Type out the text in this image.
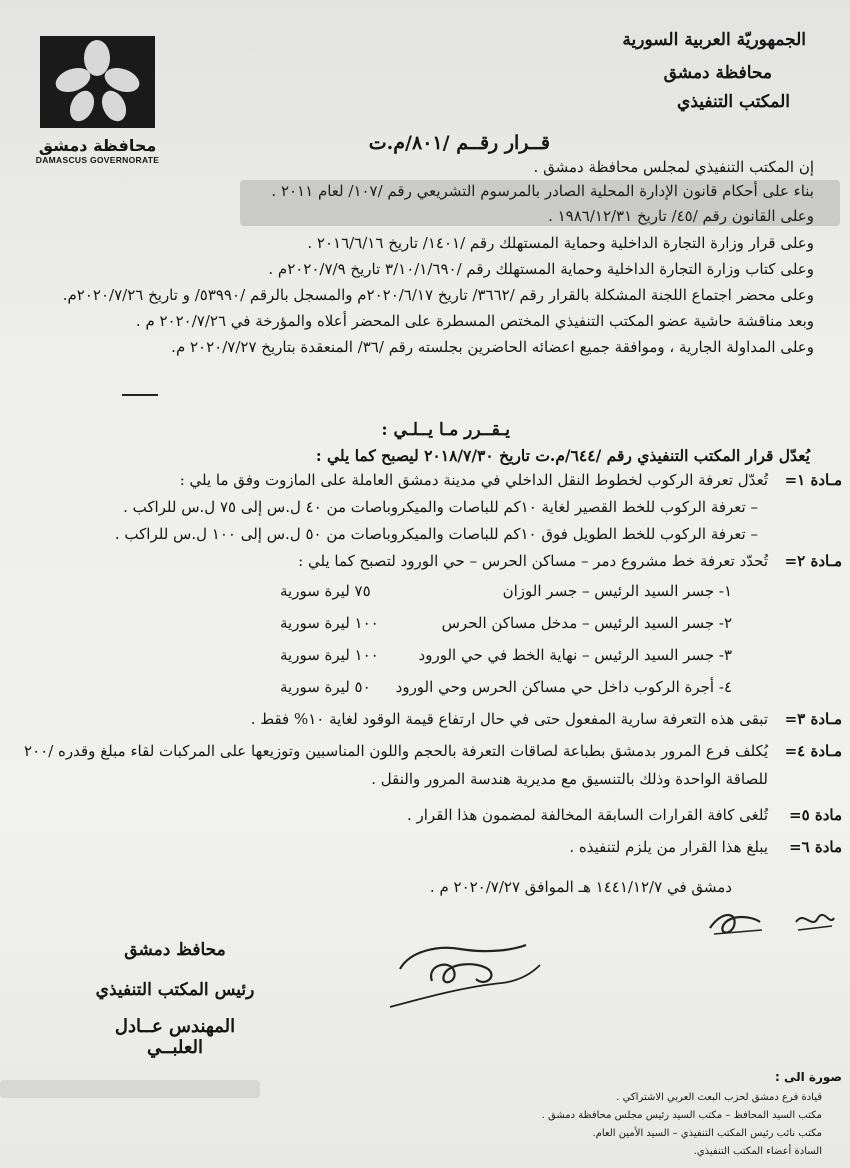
الجمهوريّة العربية السورية
محافظة دمشق
المكتب التنفيذي
محافظة دمشق
DAMASCUS GOVERNORATE
قــرار رقــم /٨٠١/م.ت
إن المكتب التنفيذي لمجلس محافظة دمشق .
بناء على أحكام قانون الإدارة المحلية الصادر بالمرسوم التشريعي رقم /١٠٧/ لعام ٢٠١١ .
وعلى القانون رقم /٤٥/ تاريخ ١٩٨٦/١٢/٣١ .
وعلى قرار وزارة التجارة الداخلية وحماية المستهلك رقم /١٤٠١/ تاريخ ٢٠١٦/٦/١٦ .
وعلى كتاب وزارة التجارة الداخلية وحماية المستهلك رقم /٣/١٠/١/٦٩٠ تاريخ ٢٠٢٠/٧/٩م .
وعلى محضر اجتماع اللجنة المشكلة بالقرار رقم /٣٦٦٢/ تاريخ ٢٠٢٠/٦/١٧م والمسجل بالرقم /٥٣٩٩٠/ و تاريخ ٢٠٢٠/٧/٢٦م.
وبعد مناقشة حاشية عضو المكتب التنفيذي المختص المسطرة على المحضر أعلاه والمؤرخة في ٢٠٢٠/٧/٢٦ م .
وعلى المداولة الجارية ، وموافقة جميع اعضائه الحاضرين بجلسته رقم /٣٦/ المنعقدة بتاريخ ٢٠٢٠/٧/٢٧ م.
يـقــرر مـا يــلـي :
يُعدّل قرار المكتب التنفيذي رقم /٦٤٤/م.ت تاريخ ٢٠١٨/٧/٣٠ ليصبح كما يلي :
مـادة ١=
تُعدّل تعرفة الركوب لخطوط النقل الداخلي في مدينة دمشق العاملة على المازوت وفق ما يلي :
– تعرفة الركوب للخط القصير لغاية ١٠كم للباصات والميكروباصات من ٤٠ ل.س إلى ٧٥ ل.س للراكب .
– تعرفة الركوب للخط الطويل فوق ١٠كم للباصات والميكروباصات من ٥٠ ل.س إلى ١٠٠ ل.س للراكب .
مـادة ٢=
تُحدّد تعرفة خط مشروع دمر – مساكن الحرس – حي الورود لتصبح كما يلي :
١- جسر السيد الرئيس – جسر الوزان
٧٥ ليرة سورية
٢- جسر السيد الرئيس – مدخل مساكن الحرس
١٠٠ ليرة سورية
٣- جسر السيد الرئيس – نهاية الخط في حي الورود
١٠٠ ليرة سورية
٤- أجرة الركوب داخل حي مساكن الحرس وحي الورود
٥٠ ليرة سورية
مـادة ٣=
تبقى هذه التعرفة سارية المفعول حتى في حال ارتفاع قيمة الوقود لغاية ١٠% فقط .
مـادة ٤=
يُكلف فرع المرور بدمشق بطباعة لصاقات التعرفة بالحجم واللون المناسبين وتوزيعها على المركبات لقاء مبلغ وقدره /٢٠٠
للصاقة الواحدة وذلك بالتنسيق مع مديرية هندسة المرور والنقل .
مادة ٥=
تُلغى كافة القرارات السابقة المخالفة لمضمون هذا القرار .
مادة ٦=
يبلغ هذا القرار من يلزم لتنفيذه .
دمشق في ١٤٤١/١٢/٧ هـ الموافق ٢٠٢٠/٧/٢٧ م .
محافظ دمشق
رئيس المكتب التنفيذي
المهندس عــادل العلبــي
صورة الى :
قيادة فرع دمشق لحزب البعث العربي الاشتراكي .
مكتب السيد المحافظ – مكتب السيد رئيس مجلس محافظة دمشق .
مكتب نائب رئيس المكتب التنفيذي – السيد الأمين العام.
السادة أعضاء المكتب التنفيذي.
